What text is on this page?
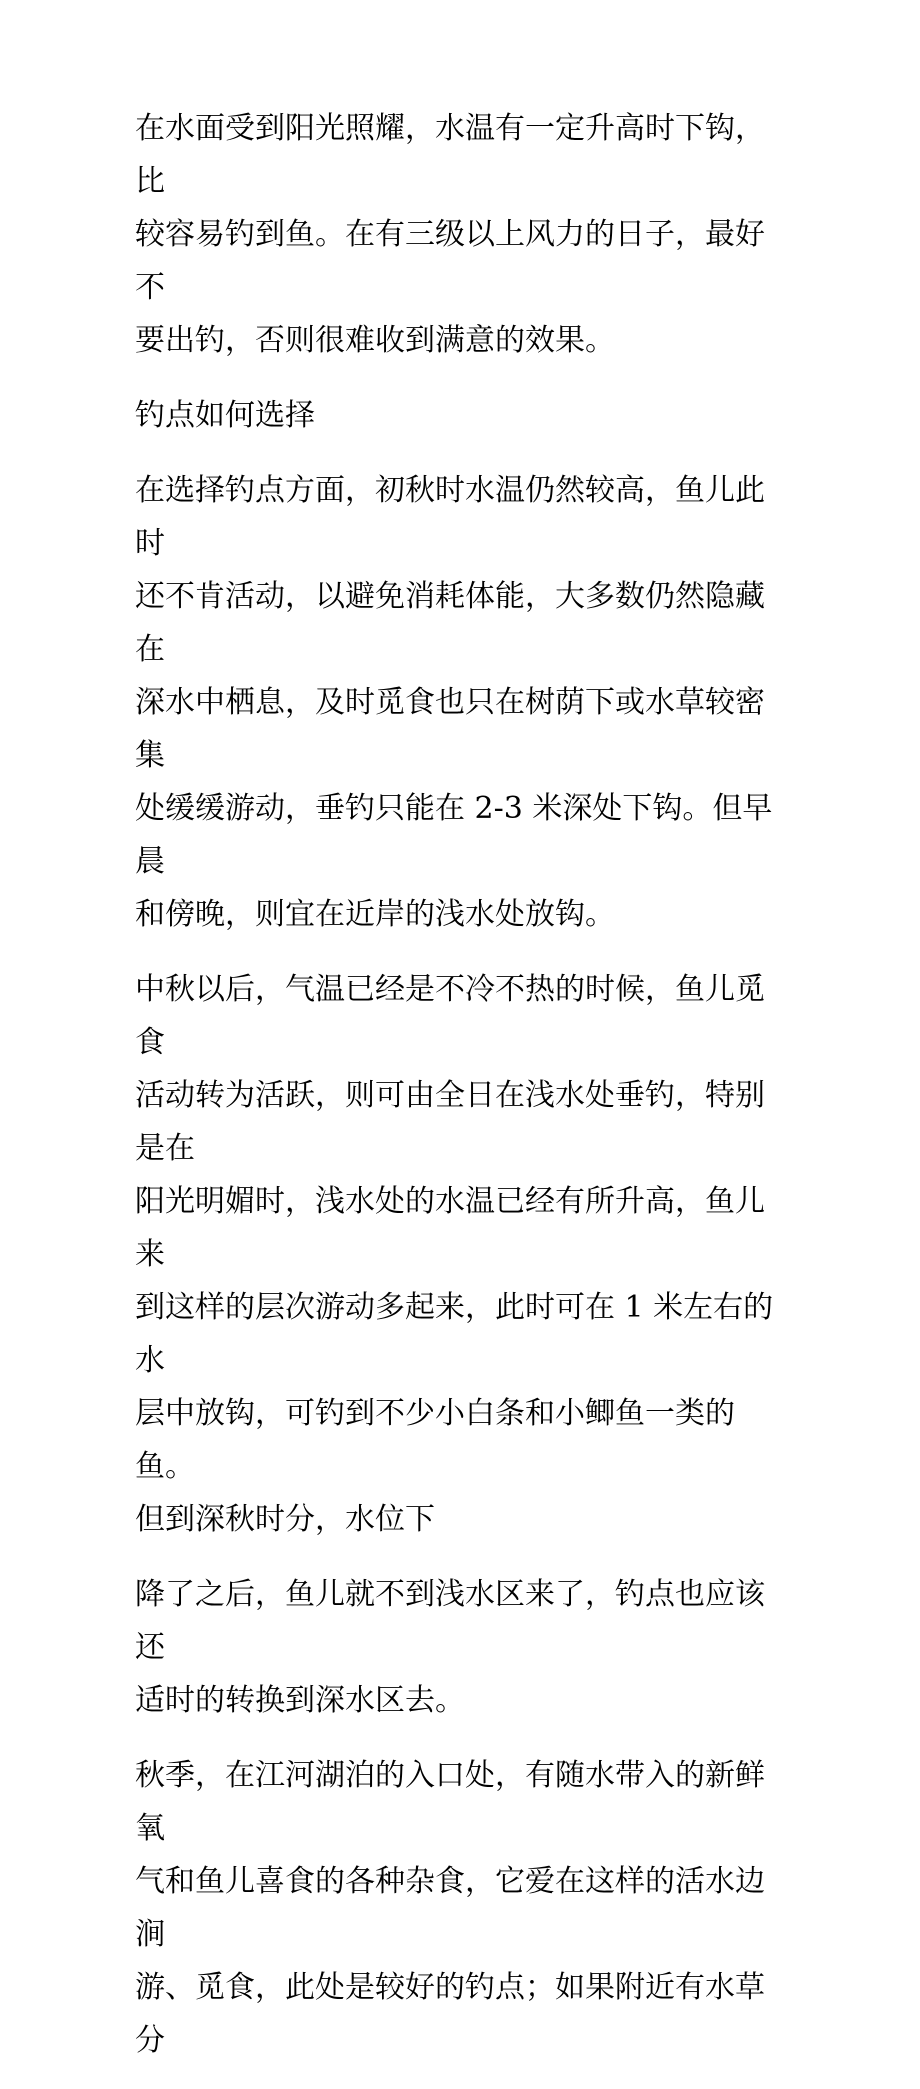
在水面受到阳光照耀，水温有一定升高时下钩，比
较容易钓到鱼。在有三级以上风力的日子，最好不
要出钓，否则很难收到满意的效果。

钓点如何选择

在选择钓点方面，初秋时水温仍然较高，鱼儿此时
还不肯活动，以避免消耗体能，大多数仍然隐藏在
深水中栖息，及时觅食也只在树荫下或水草较密集
处缓缓游动，垂钓只能在 2-3 米深处下钩。但早晨
和傍晚，则宜在近岸的浅水处放钩。

中秋以后，气温已经是不冷不热的时候，鱼儿觅食
活动转为活跃，则可由全日在浅水处垂钓，特别是在
阳光明媚时，浅水处的水温已经有所升高，鱼儿来
到这样的层次游动多起来，此时可在 1 米左右的水
层中放钩，可钓到不少小白条和小鲫鱼一类的鱼。
但到深秋时分，水位下

降了之后，鱼儿就不到浅水区来了，钓点也应该还
适时的转换到深水区去。

秋季，在江河湖泊的入口处，有随水带入的新鲜氧
气和鱼儿喜食的各种杂食，它爱在这样的活水边涧
游、觅食，此处是较好的钓点；如果附近有水草分
